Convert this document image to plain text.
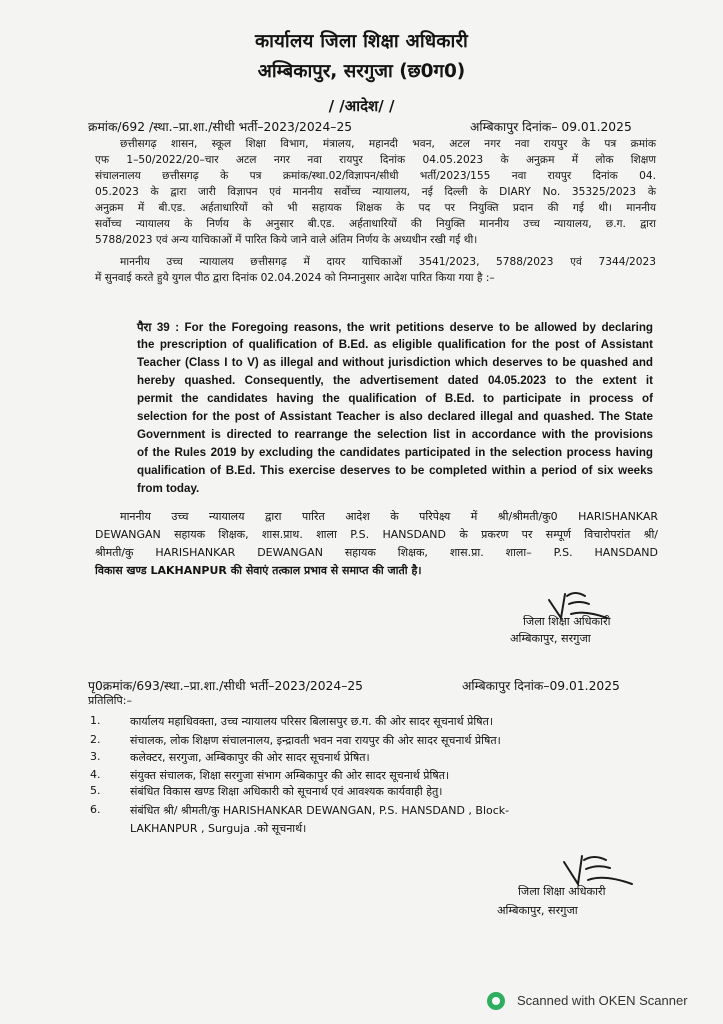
कार्यालय जिला शिक्षा अधिकारी
अम्बिकापुर, सरगुजा (छ0ग0)
/ /आदेश/ /
क्रमांक/692 /स्था.–प्रा.शा./सीधी भर्ती–2023/2024–25	अम्बिकापुर दिनांक– 09.01.2025
छत्तीसगढ़ शासन, स्कूल शिक्षा विभाग, मंत्रालय, महानदी भवन, अटल नगर नवा रायपुर के पत्र क्रमांक
एफ 1–50/2022/20–चार अटल नगर नवा रायपुर दिनांक 04.05.2023 के अनुक्रम में लोक शिक्षण
संचालनालय छत्तीसगढ़ के पत्र क्रमांक/स्था.02/विज्ञापन/सीधी भर्ती/2023/155 नवा रायपुर दिनांक 04.
05.2023 के द्वारा जारी विज्ञापन एवं माननीय सर्वोच्च न्यायालय, नई दिल्ली के DIARY No. 35325/2023 के
अनुक्रम में बी.एड. अर्हताधारियों को भी सहायक शिक्षक के पद पर नियुक्ति प्रदान की गई थी। माननीय
सर्वोच्च न्यायालय के निर्णय के अनुसार बी.एड. अर्हताधारियों की नियुक्ति माननीय उच्च न्यायालय, छ.ग. द्वारा
5788/2023 एवं अन्य याचिकाओं में पारित किये जाने वाले अंतिम निर्णय के अध्यधीन रखी गई थी।
माननीय उच्च न्यायालय छत्तीसगढ़ में दायर याचिकाओं 3541/2023, 5788/2023 एवं 7344/2023
में सुनवाई करते हुये युगल पीठ द्वारा दिनांक 02.04.2024 को निम्नानुसार आदेश पारित किया गया है :–
पैरा 39 : For the Foregoing reasons, the writ petitions deserve to be allowed by declaring
the prescription of qualification of B.Ed. as eligible qualification for the post of Assistant
Teacher (Class I to V) as illegal and without jurisdiction which deserves to be quashed and
hereby quashed. Consequently, the advertisement dated 04.05.2023 to the extent it
permit the candidates having the qualification of B.Ed. to participate in process of
selection for the post of Assistant Teacher is also declared illegal and quashed. The State
Government is directed to rearrange the selection list in accordance with the provisions
of the Rules 2019 by excluding the candidates participated in the selection process having
qualification of B.Ed. This exercise deserves to be completed within a period of six weeks
from today.
माननीय उच्च न्यायालय द्वारा पारित आदेश के परिपेक्ष्य में श्री/श्रीमती/कु0 HARISHANKAR
DEWANGAN सहायक शिक्षक, शास.प्राथ. शाला P.S. HANSDAND के प्रकरण पर सम्पूर्ण विचारोपरांत श्री/
श्रीमती/कु HARISHANKAR DEWANGAN सहायक शिक्षक, शास.प्रा. शाला– P.S. HANSDAND
विकास खण्ड LAKHANPUR की सेवाएं तत्काल प्रभाव से समाप्त की जाती है।
जिला शिक्षा अधिकारी
अम्बिकापुर, सरगुजा
पृ0क्रमांक/693/स्था.–प्रा.शा./सीधी भर्ती–2023/2024–25	अम्बिकापुर दिनांक–09.01.2025
प्रतिलिपि:–
1.	कार्यालय महाधिवक्ता, उच्च न्यायालय परिसर बिलासपुर छ.ग. की ओर सादर सूचनार्थ प्रेषित।
2.	संचालक, लोक शिक्षण संचालनालय, इन्द्रावती भवन नवा रायपुर की ओर सादर सूचनार्थ प्रेषित।
3.	कलेक्टर, सरगुजा, अम्बिकापुर की ओर सादर सूचनार्थ प्रेषित।
4.	संयुक्त संचालक, शिक्षा सरगुजा संभाग अम्बिकापुर की ओर सादर सूचनार्थ प्रेषित।
5.	संबंधित विकास खण्ड शिक्षा अधिकारी को सूचनार्थ एवं आवश्यक कार्यवाही हेतु।
6.	संबंधित श्री/ श्रीमती/कु HARISHANKAR DEWANGAN, P.S. HANSDAND , Block-
LAKHANPUR , Surguja .को सूचनार्थ।
जिला शिक्षा अधिकारी
अम्बिकापुर, सरगुजा
Scanned with OKEN Scanner
